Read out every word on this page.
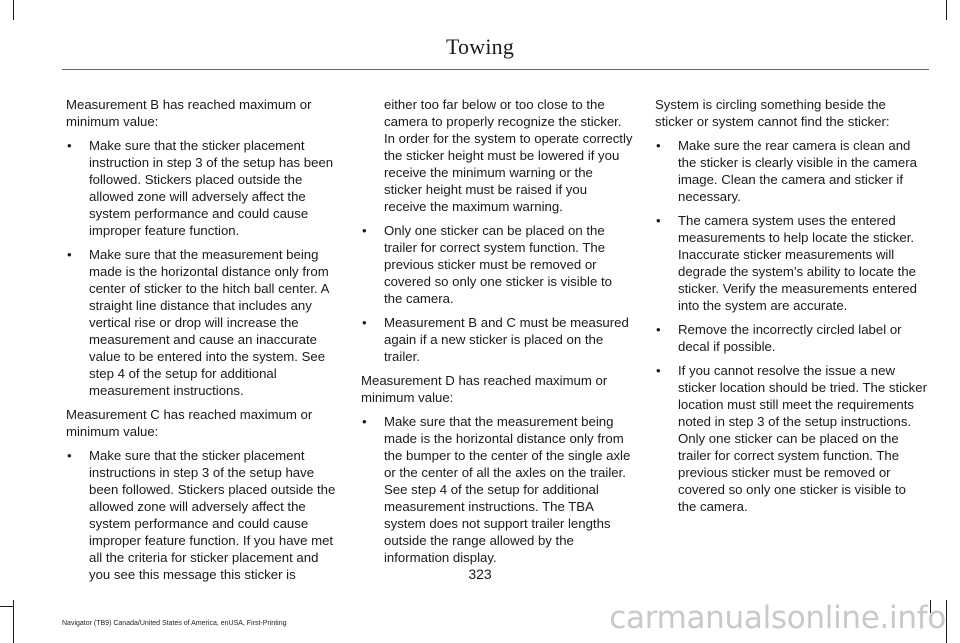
Towing

Measurement B has reached maximum or minimum value:

• Make sure that the sticker placement instruction in step 3 of the setup has been followed. Stickers placed outside the allowed zone will adversely affect the system performance and could cause improper feature function.
• Make sure that the measurement being made is the horizontal distance only from center of sticker to the hitch ball center. A straight line distance that includes any vertical rise or drop will increase the measurement and cause an inaccurate value to be entered into the system. See step 4 of the setup for additional measurement instructions.

Measurement C has reached maximum or minimum value:

• Make sure that the sticker placement instructions in step 3 of the setup have been followed. Stickers placed outside the allowed zone will adversely affect the system performance and could cause improper feature function. If you have met all the criteria for sticker placement and you see this message this sticker is
either too far below or too close to the camera to properly recognize the sticker. In order for the system to operate correctly the sticker height must be lowered if you receive the minimum warning or the sticker height must be raised if you receive the maximum warning.
• Only one sticker can be placed on the trailer for correct system function. The previous sticker must be removed or covered so only one sticker is visible to the camera.
• Measurement B and C must be measured again if a new sticker is placed on the trailer.

Measurement D has reached maximum or minimum value:

• Make sure that the measurement being made is the horizontal distance only from the bumper to the center of the single axle or the center of all the axles on the trailer. See step 4 of the setup for additional measurement instructions. The TBA system does not support trailer lengths outside the range allowed by the information display.

System is circling something beside the sticker or system cannot find the sticker:

• Make sure the rear camera is clean and the sticker is clearly visible in the camera image. Clean the camera and sticker if necessary.
• The camera system uses the entered measurements to help locate the sticker. Inaccurate sticker measurements will degrade the system’s ability to locate the sticker. Verify the measurements entered into the system are accurate.
• Remove the incorrectly circled label or decal if possible.
• If you cannot resolve the issue a new sticker location should be tried. The sticker location must still meet the requirements noted in step 3 of the setup instructions. Only one sticker can be placed on the trailer for correct system function. The previous sticker must be removed or covered so only one sticker is visible to the camera.
323
Navigator (TB9) Canada/United States of America, enUSA, First-Printing	carmanualsonline.info
